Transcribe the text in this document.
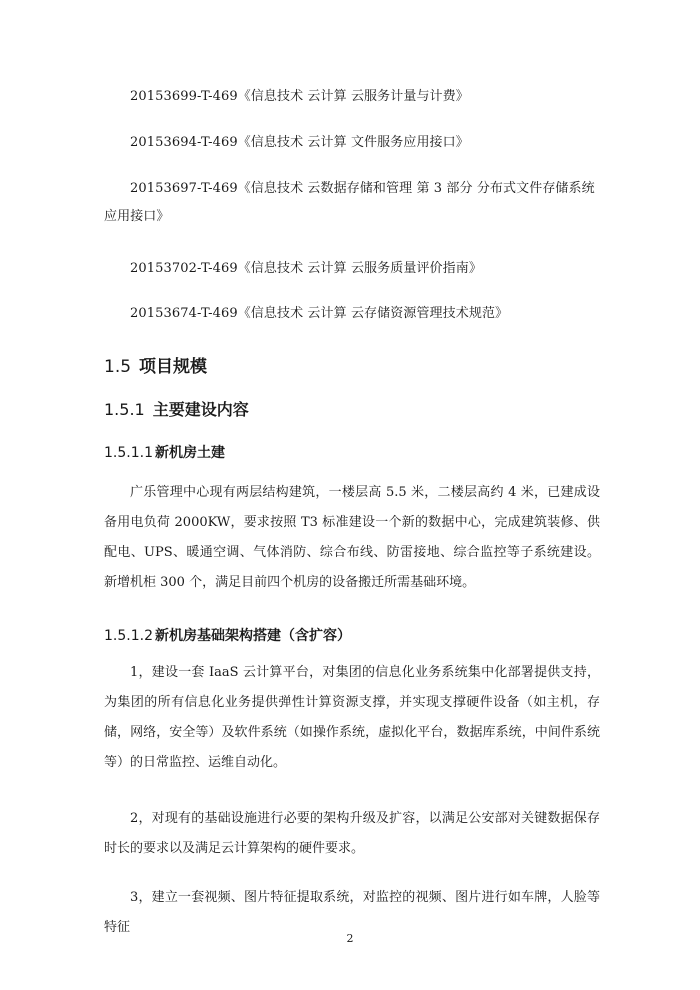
20153699-T-469《信息技术 云计算 云服务计量与计费》
20153694-T-469《信息技术 云计算 文件服务应用接口》
20153697-T-469《信息技术 云数据存储和管理 第 3 部分 分布式文件存储系统应用接口》
20153702-T-469《信息技术 云计算 云服务质量评价指南》
20153674-T-469《信息技术 云计算 云存储资源管理技术规范》
1.5 项目规模
1.5.1 主要建设内容
1.5.1.1 新机房土建
广乐管理中心现有两层结构建筑，一楼层高 5.5 米，二楼层高约 4 米，已建成设备用电负荷 2000KW，要求按照 T3 标准建设一个新的数据中心，完成建筑装修、供配电、UPS、暖通空调、气体消防、综合布线、防雷接地、综合监控等子系统建设。新增机柜 300 个，满足目前四个机房的设备搬迁所需基础环境。
1.5.1.2 新机房基础架构搭建（含扩容）
1，建设一套 IaaS 云计算平台，对集团的信息化业务系统集中化部署提供支持，为集团的所有信息化业务提供弹性计算资源支撑，并实现支撑硬件设备（如主机，存储，网络，安全等）及软件系统（如操作系统，虚拟化平台，数据库系统，中间件系统等）的日常监控、运维自动化。
2，对现有的基础设施进行必要的架构升级及扩容，以满足公安部对关键数据保存时长的要求以及满足云计算架构的硬件要求。
3，建立一套视频、图片特征提取系统，对监控的视频、图片进行如车牌，人脸等特征
2
